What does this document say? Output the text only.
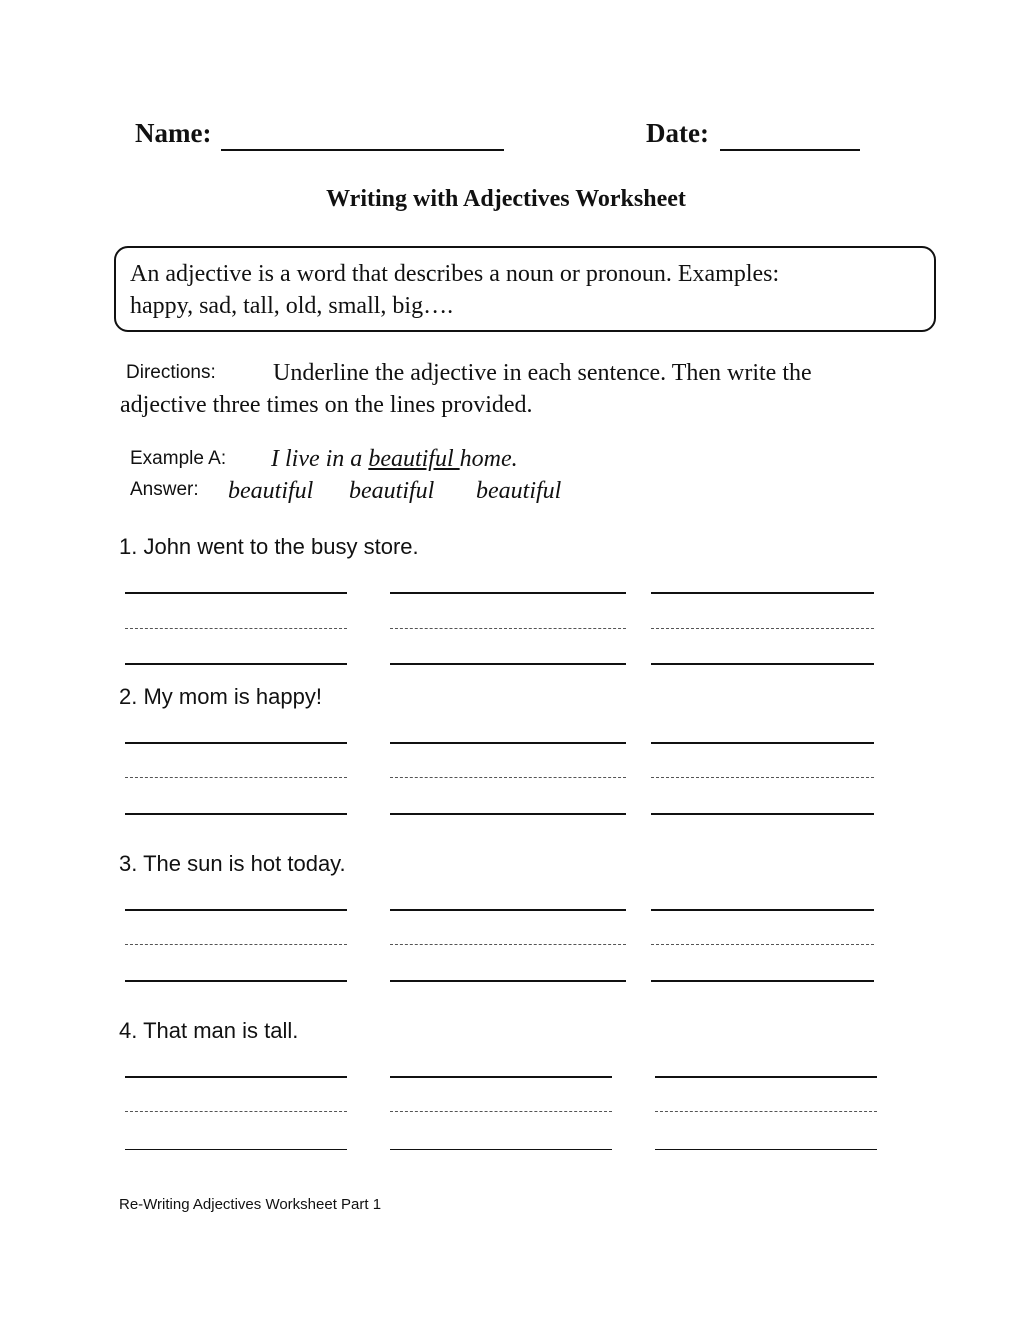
Name:	Date:
Writing with Adjectives Worksheet
An adjective is a word that describes a noun or pronoun. Examples:
happy, sad, tall, old, small, big….
Directions: Underline the adjective in each sentence. Then write the
adjective three times on the lines provided.
Example A: I live in a beautiful home.
Answer: beautiful beautiful beautiful
1. John went to the busy store.
2. My mom is happy!
3. The sun is hot today.
4. That man is tall.
Re-Writing Adjectives Worksheet Part 1
